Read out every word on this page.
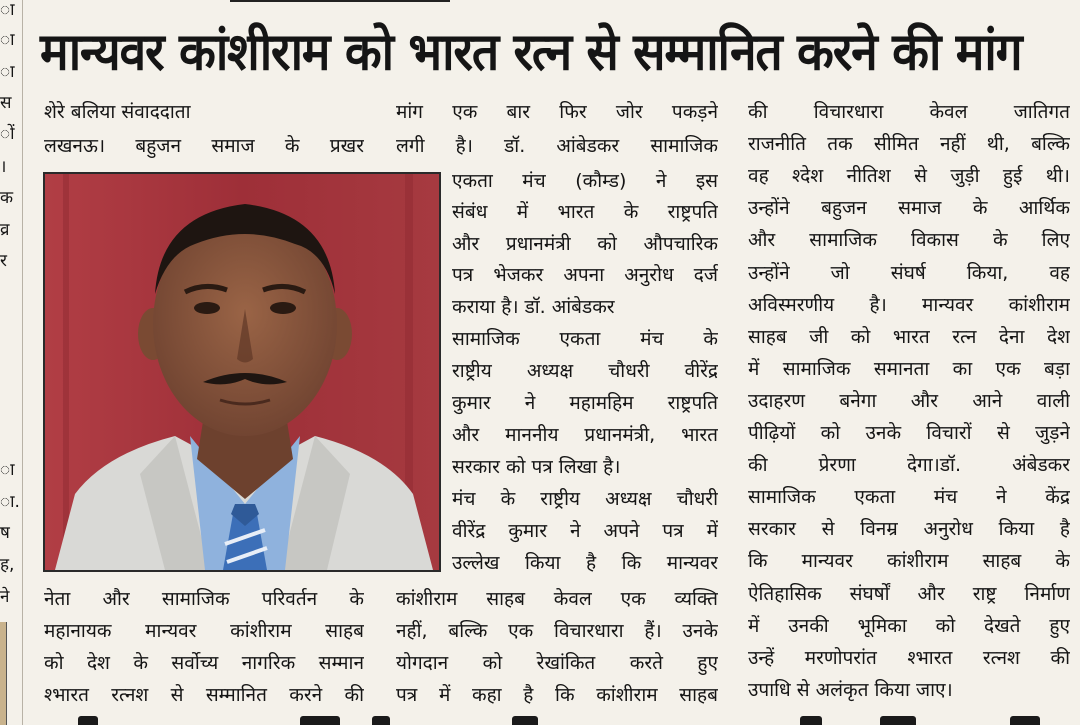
ा
ा
ा
स
ों
।
क
व्र
र
ा
ा.
ष
ह,
ने
मान्यवर कांशीराम को भारत रत्न से सम्मानित करने की मांग
शेरे बलिया संवाददाता
लखनऊ। बहुजन समाज के प्रखर
नेता और सामाजिक परिवर्तन के
महानायक मान्यवर कांशीराम साहब
को देश के सर्वोच्य नागरिक सम्मान
श्भारत रत्नश से सम्मानित करने की
मांग एक बार फिर जोर पकड़ने
लगी है। डॉ. आंबेडकर सामाजिक
एकता मंच (कौम्ड) ने इस
संबंध में भारत के राष्ट्रपति
और प्रधानमंत्री को औपचारिक
पत्र भेजकर अपना अनुरोध दर्ज
कराया है। डॉ. आंबेडकर
सामाजिक एकता मंच के
राष्ट्रीय अध्यक्ष चौधरी वीरेंद्र
कुमार ने महामहिम राष्ट्रपति
और माननीय प्रधानमंत्री, भारत
सरकार को पत्र लिखा है।
मंच के राष्ट्रीय अध्यक्ष चौधरी
वीरेंद्र कुमार ने अपने पत्र में
उल्लेख किया है कि मान्यवर
कांशीराम साहब केवल एक व्यक्ति
नहीं, बल्कि एक विचारधारा हैं। उनके
योगदान को रेखांकित करते हुए
पत्र में कहा है कि कांशीराम साहब
की विचारधारा केवल जातिगत
राजनीति तक सीमित नहीं थी, बल्कि
वह श्देश नीतिश से जुड़ी हुई थी।
उन्होंने बहुजन समाज के आर्थिक
और सामाजिक विकास के लिए
उन्होंने जो संघर्ष किया, वह
अविस्मरणीय है। मान्यवर कांशीराम
साहब जी को भारत रत्न देना देश
में सामाजिक समानता का एक बड़ा
उदाहरण बनेगा और आने वाली
पीढ़ियों को उनके विचारों से जुड़ने
की प्रेरणा देगा।डॉ. अंबेडकर
सामाजिक एकता मंच ने केंद्र
सरकार से विनम्र अनुरोध किया है
कि मान्यवर कांशीराम साहब के
ऐतिहासिक संघर्षों और राष्ट्र निर्माण
में उनकी भूमिका को देखते हुए
उन्हें मरणोपरांत श्भारत रत्नश की
उपाधि से अलंकृत किया जाए।
